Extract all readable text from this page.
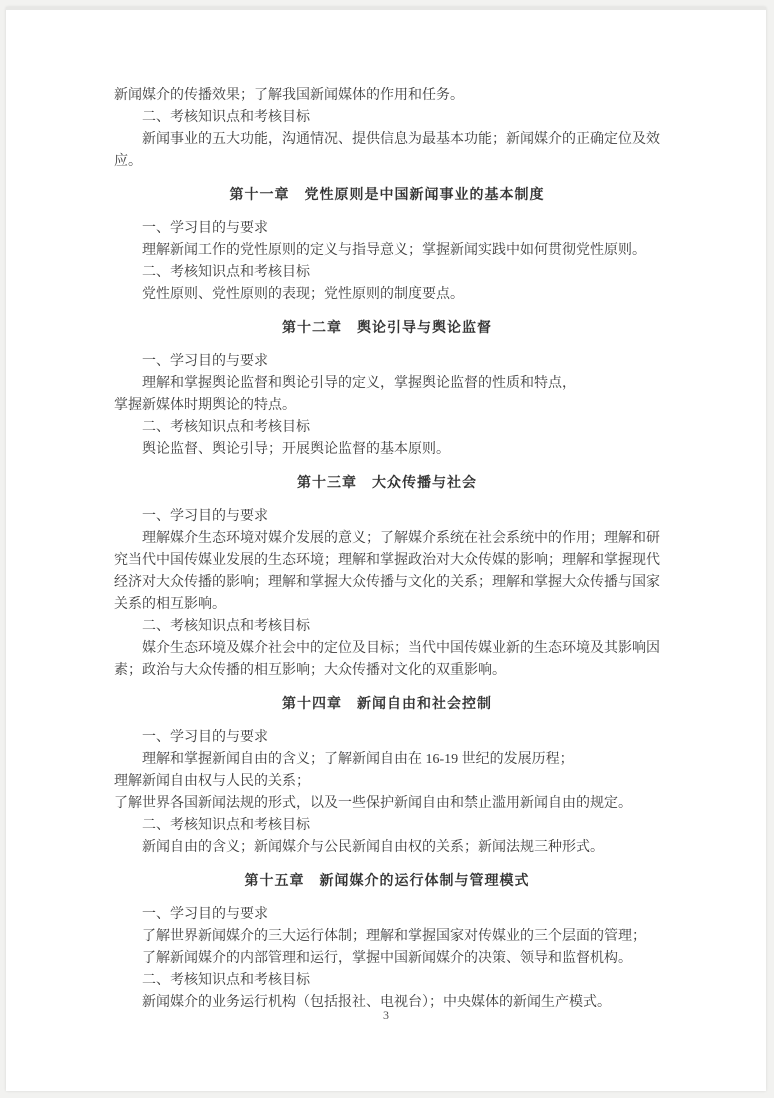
新闻媒介的传播效果；了解我国新闻媒体的作用和任务。

二、考核知识点和考核目标

新闻事业的五大功能，沟通情况、提供信息为最基本功能；新闻媒介的正确定位及效应。

第十一章　党性原则是中国新闻事业的基本制度

一、学习目的与要求

理解新闻工作的党性原则的定义与指导意义；掌握新闻实践中如何贯彻党性原则。

二、考核知识点和考核目标

党性原则、党性原则的表现；党性原则的制度要点。

第十二章　舆论引导与舆论监督

一、学习目的与要求

理解和掌握舆论监督和舆论引导的定义，掌握舆论监督的性质和特点，

掌握新媒体时期舆论的特点。

二、考核知识点和考核目标

舆论监督、舆论引导；开展舆论监督的基本原则。

第十三章　大众传播与社会

一、学习目的与要求

理解媒介生态环境对媒介发展的意义；了解媒介系统在社会系统中的作用；理解和研究当代中国传媒业发展的生态环境；理解和掌握政治对大众传媒的影响；理解和掌握现代经济对大众传播的影响；理解和掌握大众传播与文化的关系；理解和掌握大众传播与国家关系的相互影响。

二、考核知识点和考核目标

媒介生态环境及媒介社会中的定位及目标；当代中国传媒业新的生态环境及其影响因素；政治与大众传播的相互影响；大众传播对文化的双重影响。

第十四章　新闻自由和社会控制

一、学习目的与要求

理解和掌握新闻自由的含义；了解新闻自由在 16-19 世纪的发展历程；

理解新闻自由权与人民的关系；

了解世界各国新闻法规的形式，以及一些保护新闻自由和禁止滥用新闻自由的规定。

二、考核知识点和考核目标

新闻自由的含义；新闻媒介与公民新闻自由权的关系；新闻法规三种形式。

第十五章　新闻媒介的运行体制与管理模式

一、学习目的与要求

了解世界新闻媒介的三大运行体制；理解和掌握国家对传媒业的三个层面的管理；

了解新闻媒介的内部管理和运行，掌握中国新闻媒介的决策、领导和监督机构。

二、考核知识点和考核目标

新闻媒介的业务运行机构（包括报社、电视台）；中央媒体的新闻生产模式。

3
